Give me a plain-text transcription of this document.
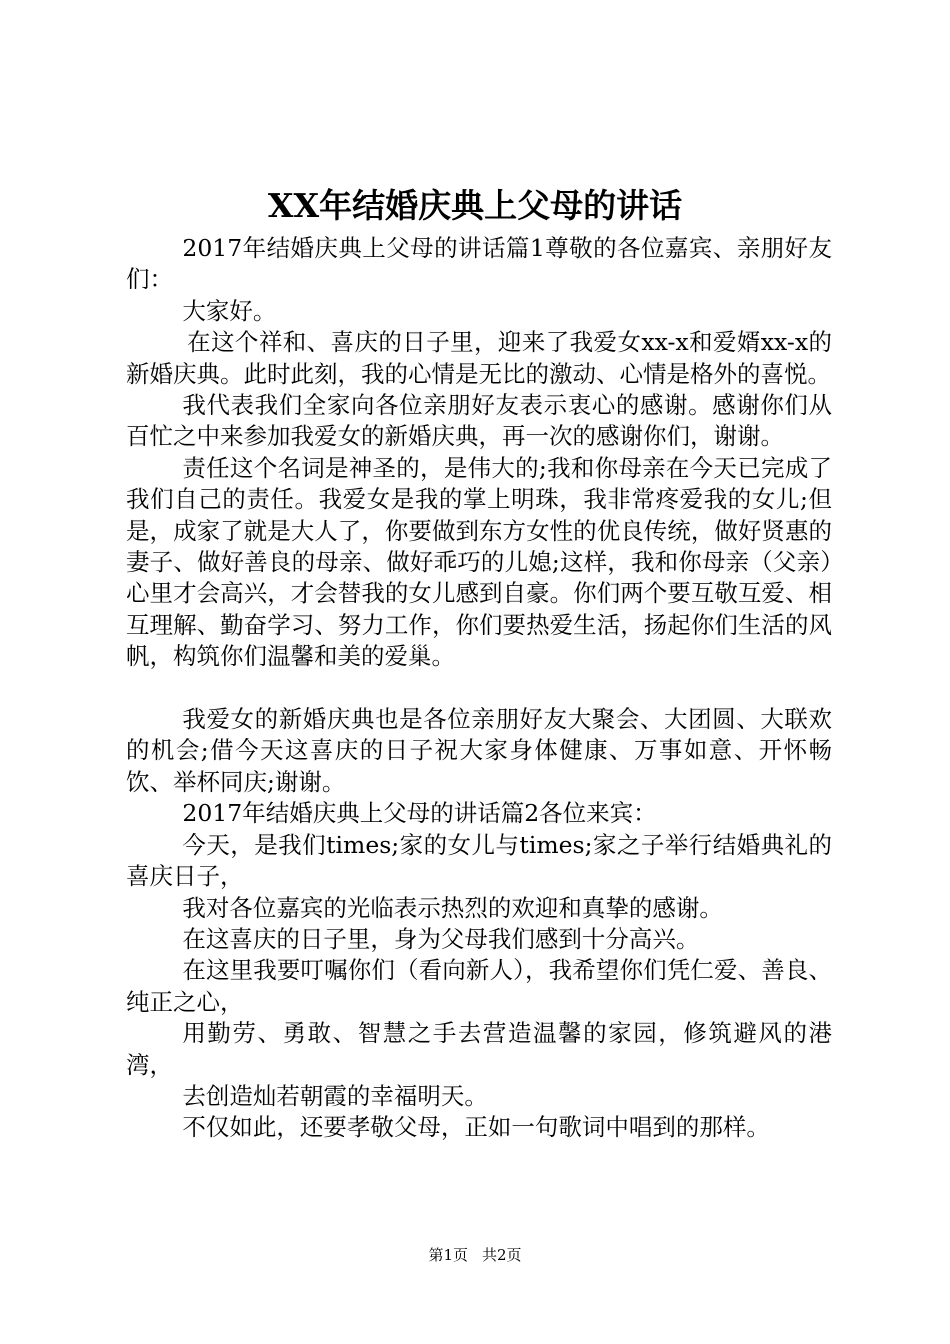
XX年结婚庆典上父母的讲话

2017年结婚庆典上父母的讲话篇1尊敬的各位嘉宾、亲朋好友们：

大家好。

在这个祥和、喜庆的日子里，迎来了我爱女xx-x和爱婿xx-x的新婚庆典。此时此刻，我的心情是无比的激动、心情是格外的喜悦。

我代表我们全家向各位亲朋好友表示衷心的感谢。感谢你们从百忙之中来参加我爱女的新婚庆典，再一次的感谢你们，谢谢。

责任这个名词是神圣的，是伟大的;我和你母亲在今天已完成了我们自己的责任。我爱女是我的掌上明珠，我非常疼爱我的女儿;但是，成家了就是大人了，你要做到东方女性的优良传统，做好贤惠的妻子、做好善良的母亲、做好乖巧的儿媳;这样，我和你母亲（父亲）心里才会高兴，才会替我的女儿感到自豪。你们两个要互敬互爱、相互理解、勤奋学习、努力工作，你们要热爱生活，扬起你们生活的风帆，构筑你们温馨和美的爱巢。

我爱女的新婚庆典也是各位亲朋好友大聚会、大团圆、大联欢的机会;借今天这喜庆的日子祝大家身体健康、万事如意、开怀畅饮、举杯同庆;谢谢。

2017年结婚庆典上父母的讲话篇2各位来宾：

今天，是我们times;家的女儿与times;家之子举行结婚典礼的喜庆日子，

我对各位嘉宾的光临表示热烈的欢迎和真挚的感谢。

在这喜庆的日子里，身为父母我们感到十分高兴。

在这里我要叮嘱你们（看向新人），我希望你们凭仁爱、善良、纯正之心，

用勤劳、勇敢、智慧之手去营造温馨的家园，修筑避风的港湾，

去创造灿若朝霞的幸福明天。

不仅如此，还要孝敬父母，正如一句歌词中唱到的那样。

第1页 共2页
